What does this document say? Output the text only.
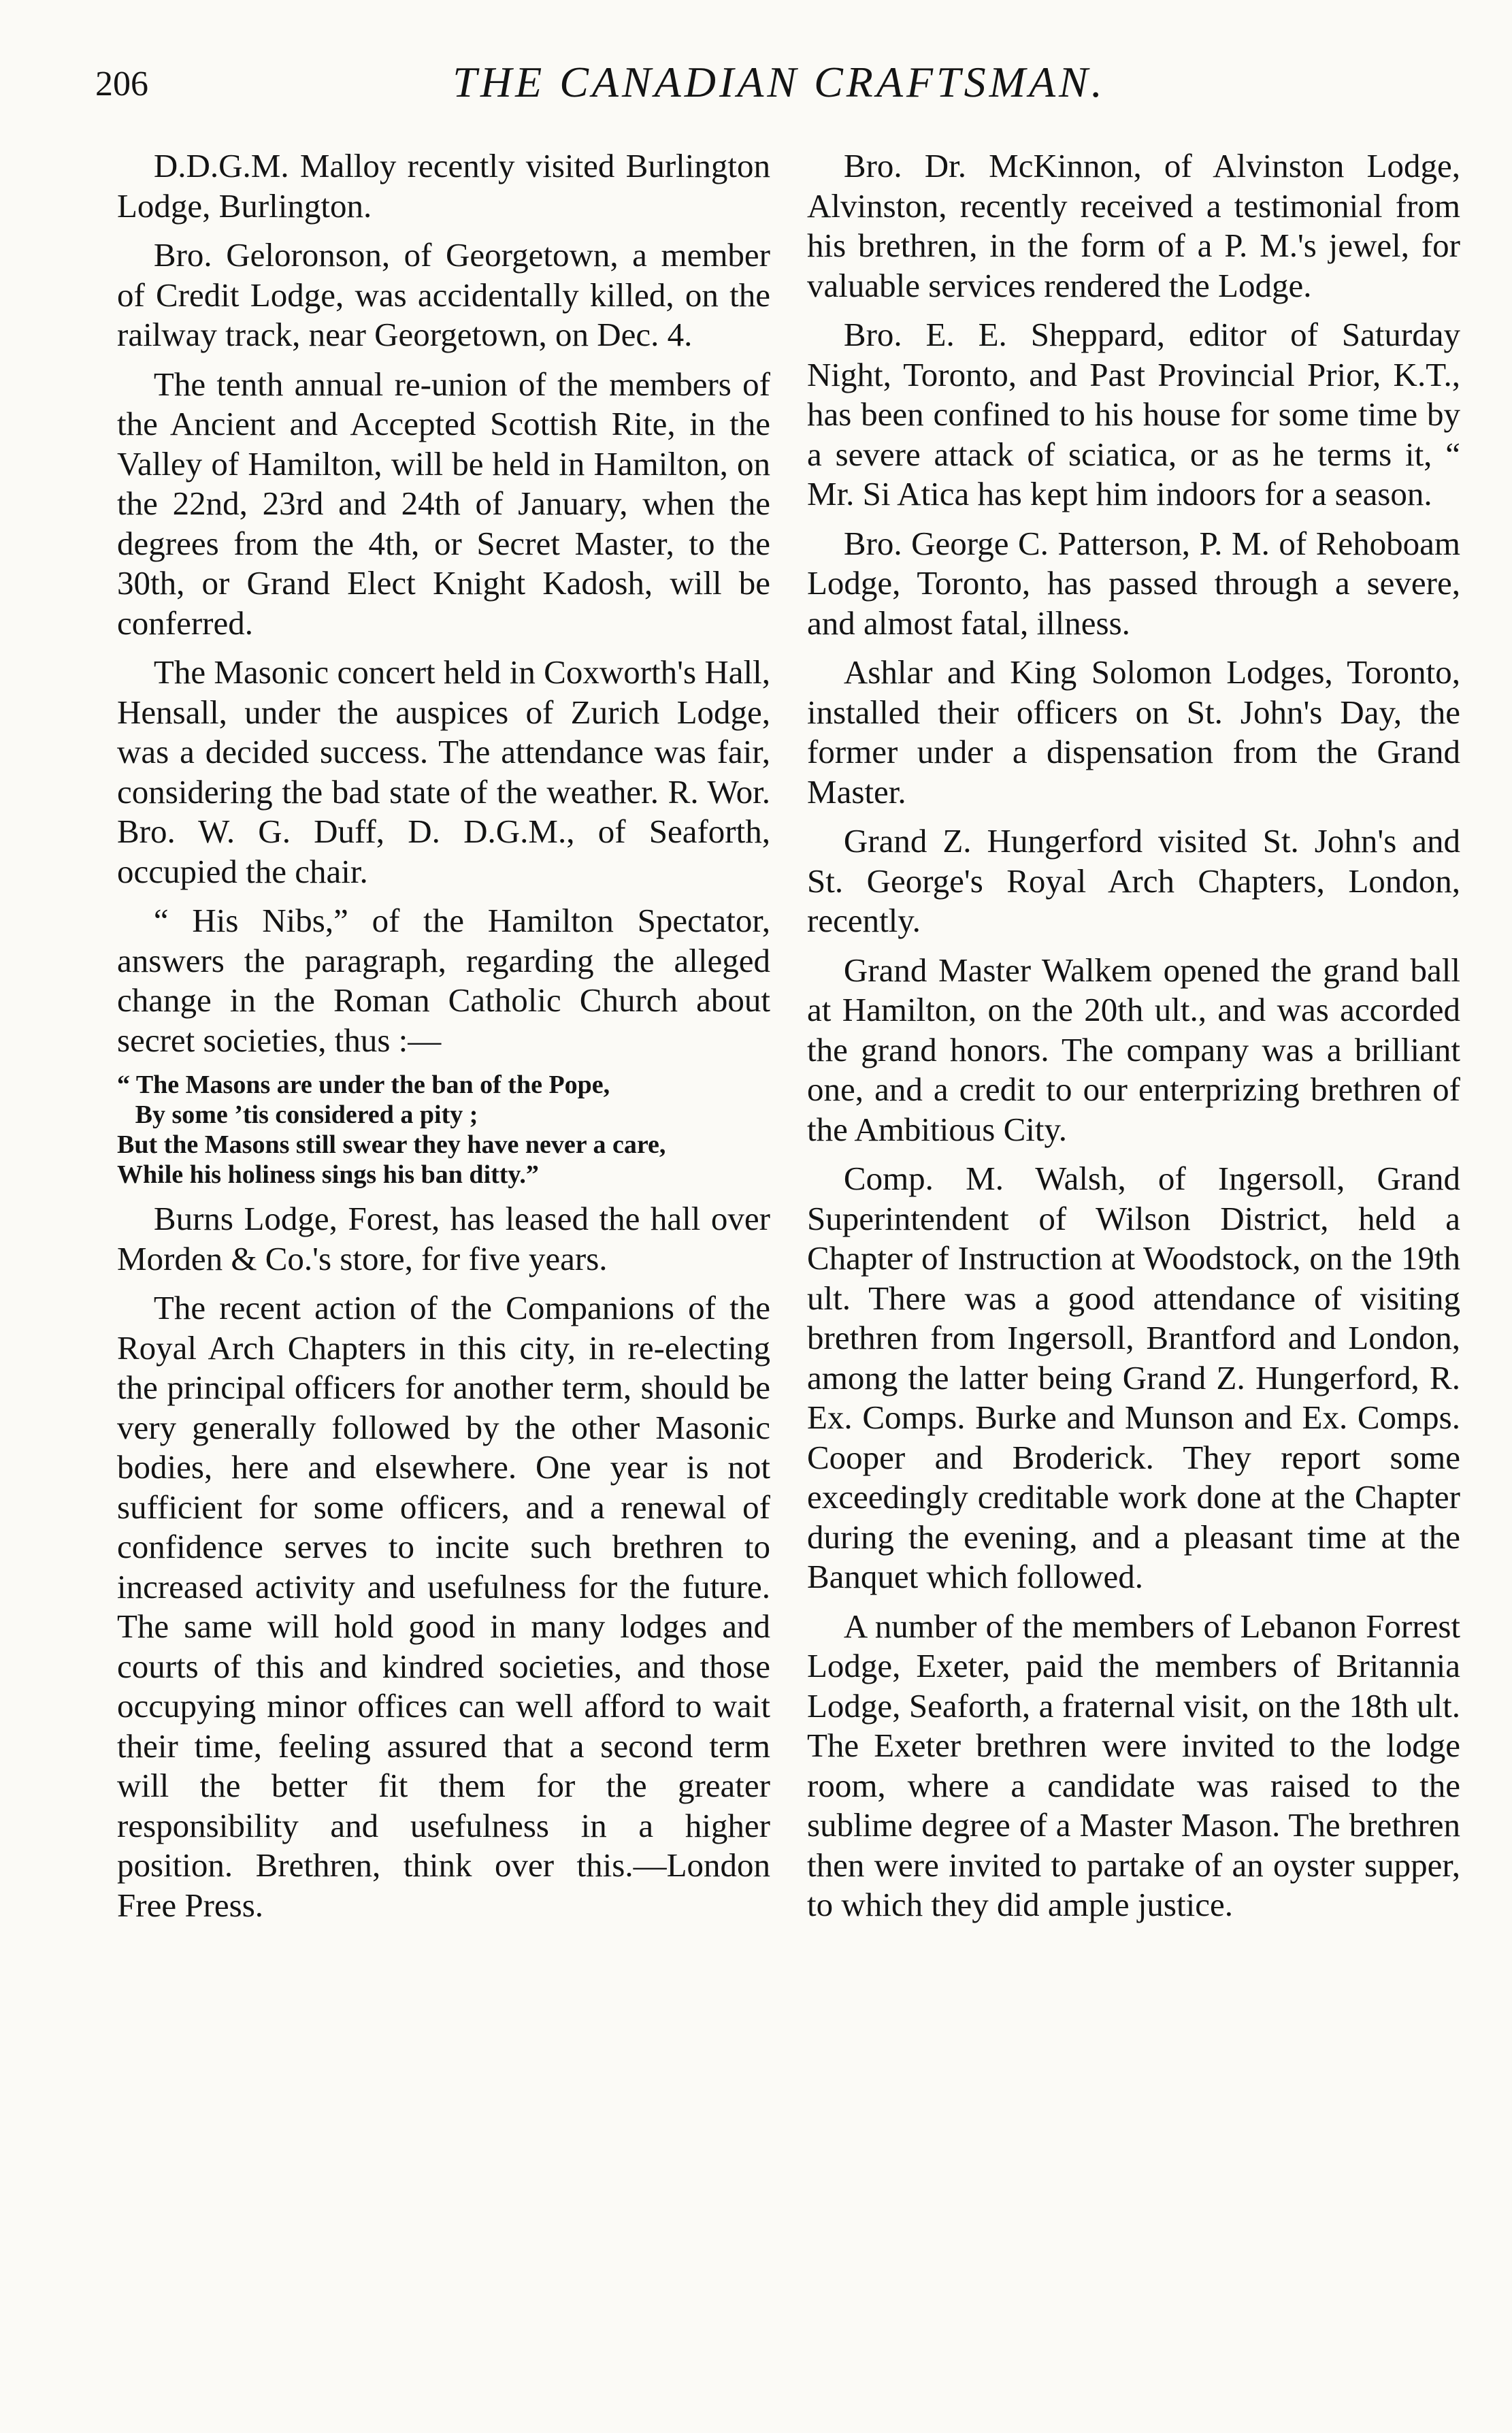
206	THE CANADIAN CRAFTSMAN.

D.D.G.M. Malloy recently visited Burlington Lodge, Burlington.

Bro. Geloronson, of Georgetown, a member of Credit Lodge, was accidentally killed, on the railway track, near Georgetown, on Dec. 4.

The tenth annual re-union of the members of the Ancient and Accepted Scottish Rite, in the Valley of Hamilton, will be held in Hamilton, on the 22nd, 23rd and 24th of January, when the degrees from the 4th, or Secret Master, to the 30th, or Grand Elect Knight Kadosh, will be conferred.

The Masonic concert held in Coxworth's Hall, Hensall, under the auspices of Zurich Lodge, was a decided success. The attendance was fair, considering the bad state of the weather. R. Wor. Bro. W. G. Duff, D. D.G.M., of Seaforth, occupied the chair.

“ His Nibs,” of the Hamilton Spectator, answers the paragraph, regarding the alleged change in the Roman Catholic Church about secret societies, thus :—

“ The Masons are under the ban of the Pope,
By some ’tis considered a pity ;
But the Masons still swear they have never a care,
While his holiness sings his ban ditty.”

Burns Lodge, Forest, has leased the hall over Morden & Co.'s store, for five years.

The recent action of the Companions of the Royal Arch Chapters in this city, in re-electing the principal officers for another term, should be very generally followed by the other Masonic bodies, here and elsewhere. One year is not sufficient for some officers, and a renewal of confidence serves to incite such brethren to increased activity and usefulness for the future. The same will hold good in many lodges and courts of this and kindred societies, and those occupying minor offices can well afford to wait their time, feeling assured that a second term will the better fit them for the greater responsibility and usefulness in a higher position. Brethren, think over this.—London Free Press.

Bro. Dr. McKinnon, of Alvinston Lodge, Alvinston, recently received a testimonial from his brethren, in the form of a P. M.'s jewel, for valuable services rendered the Lodge.

Bro. E. E. Sheppard, editor of Saturday Night, Toronto, and Past Provincial Prior, K.T., has been confined to his house for some time by a severe attack of sciatica, or as he terms it, “ Mr. Si Atica has kept him indoors for a season.

Bro. George C. Patterson, P. M. of Rehoboam Lodge, Toronto, has passed through a severe, and almost fatal, illness.

Ashlar and King Solomon Lodges, Toronto, installed their officers on St. John's Day, the former under a dispensation from the Grand Master.

Grand Z. Hungerford visited St. John's and St. George's Royal Arch Chapters, London, recently.

Grand Master Walkem opened the grand ball at Hamilton, on the 20th ult., and was accorded the grand honors. The company was a brilliant one, and a credit to our enterprizing brethren of the Ambitious City.

Comp. M. Walsh, of Ingersoll, Grand Superintendent of Wilson District, held a Chapter of Instruction at Woodstock, on the 19th ult. There was a good attendance of visiting brethren from Ingersoll, Brantford and London, among the latter being Grand Z. Hungerford, R. Ex. Comps. Burke and Munson and Ex. Comps. Cooper and Broderick. They report some exceedingly creditable work done at the Chapter during the evening, and a pleasant time at the Banquet which followed.

A number of the members of Lebanon Forrest Lodge, Exeter, paid the members of Britannia Lodge, Seaforth, a fraternal visit, on the 18th ult. The Exeter brethren were invited to the lodge room, where a candidate was raised to the sublime degree of a Master Mason. The brethren then were invited to partake of an oyster supper, to which they did ample justice.
